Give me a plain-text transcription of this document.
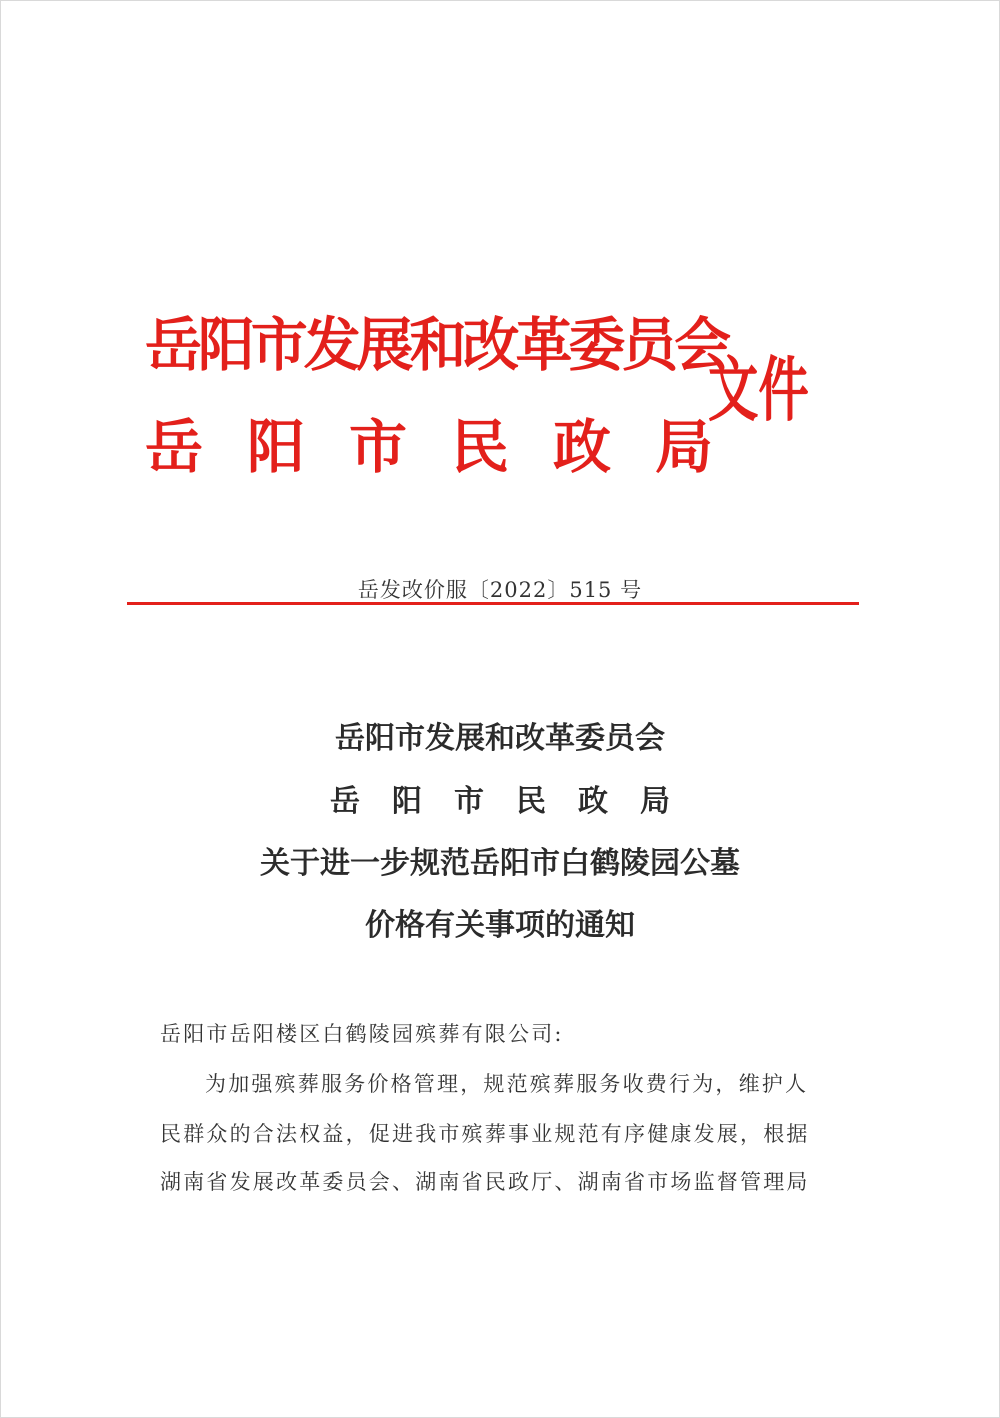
岳阳市发展和改革委员会
岳阳市民政局
文件
岳发改价服〔2022〕515 号
岳阳市发展和改革委员会
岳阳市民政局
关于进一步规范岳阳市白鹤陵园公墓
价格有关事项的通知
岳阳市岳阳楼区白鹤陵园殡葬有限公司:
为加强殡葬服务价格管理，规范殡葬服务收费行为，维护人
民群众的合法权益，促进我市殡葬事业规范有序健康发展，根据
湖南省发展改革委员会、湖南省民政厅、湖南省市场监督管理局
